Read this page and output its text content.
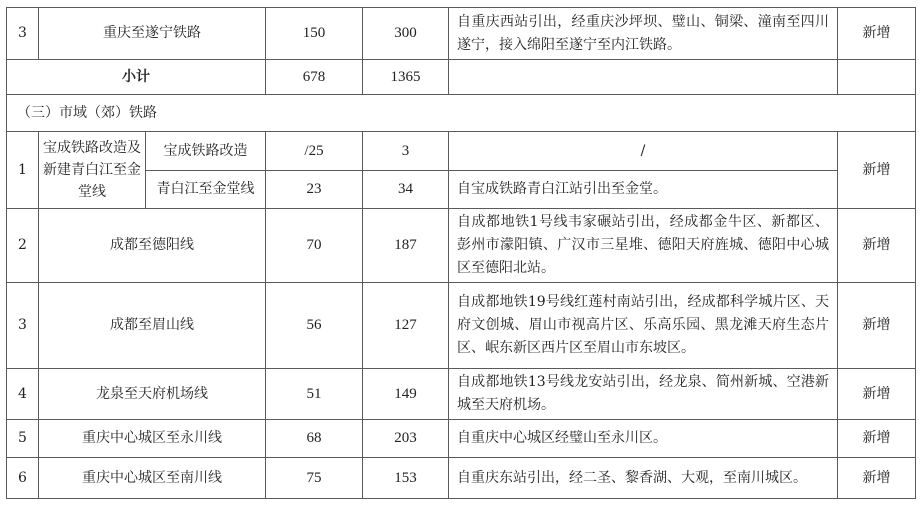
3	重庆至遂宁铁路		150	300	自重庆西站引出，经重庆沙坪坝、璧山、铜梁、潼南至四川遂宁，接入绵阳至遂宁至内江铁路。	新增
小计			678	1365		
（三）市域（郊）铁路						
1	宝成铁路改造及新建青白江至金堂线	宝成铁路改造	/25	3	/	新增
		青白江至金堂线	23	34	自宝成铁路青白江站引出至金堂。	
2	成都至德阳线		70	187	自成都地铁1号线韦家碾站引出，经成都金牛区、新都区、彭州市濛阳镇、广汉市三星堆、德阳天府旌城、德阳中心城区至德阳北站。	新增
3	成都至眉山线		56	127	自成都地铁19号线红莲村南站引出，经成都科学城片区、天府文创城、眉山市视高片区、乐高乐园、黑龙滩天府生态片区、岷东新区西片区至眉山市东坡区。	新增
4	龙泉至天府机场线		51	149	自成都地铁13号线龙安站引出，经龙泉、简州新城、空港新城至天府机场。	新增
5	重庆中心城区至永川线		68	203	自重庆中心城区经璧山至永川区。	新增
6	重庆中心城区至南川线		75	153	自重庆东站引出，经二圣、黎香湖、大观，至南川城区。	新增
